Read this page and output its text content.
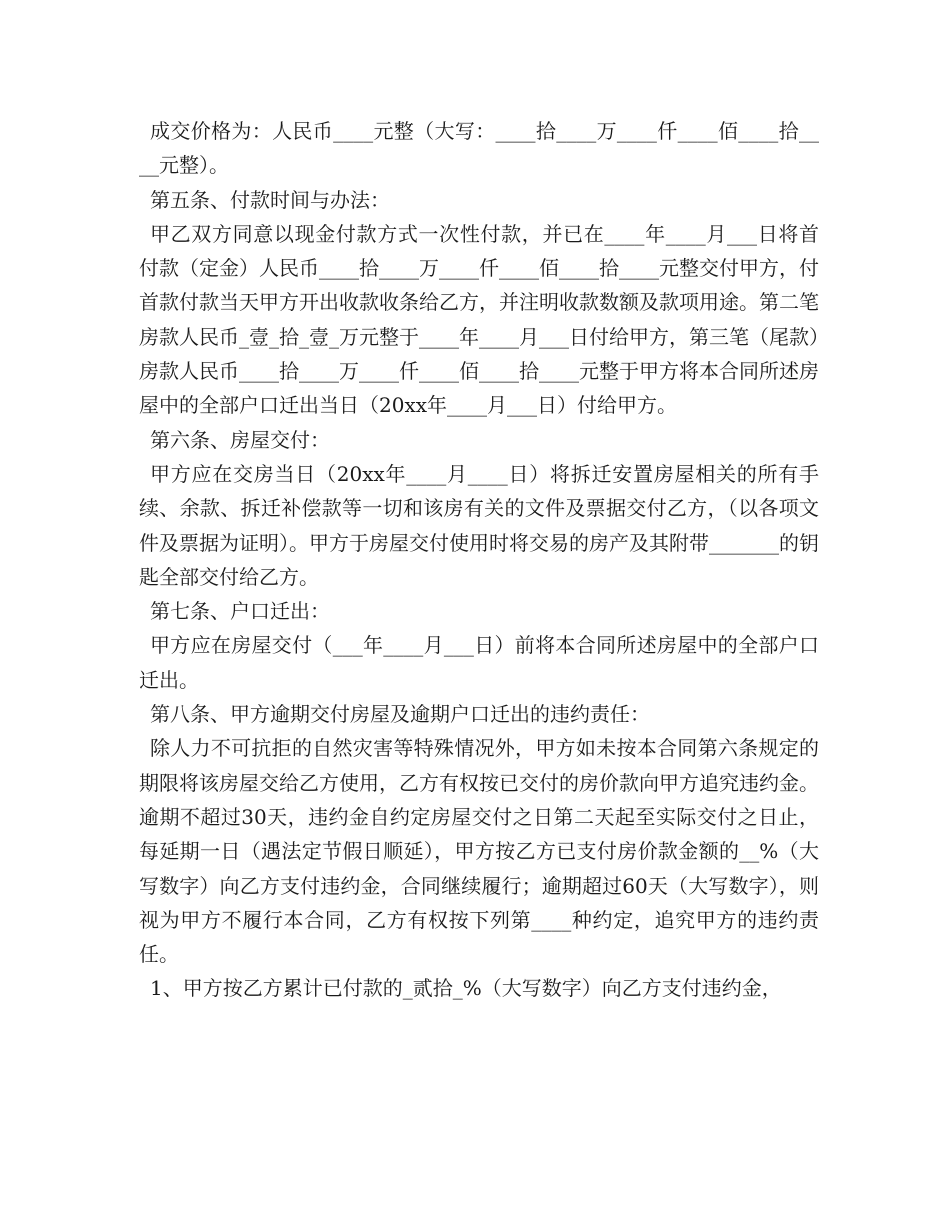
成交价格为：人民币____元整（大写：____拾____万____仟____佰____拾____元整）。

第五条、付款时间与办法：

甲乙双方同意以现金付款方式一次性付款，并已在____年____月___日将首付款（定金）人民币____拾____万____仟____佰____拾____元整交付甲方，付首款付款当天甲方开出收款收条给乙方，并注明收款数额及款项用途。第二笔房款人民币_壹_拾_壹_万元整于____年____月___日付给甲方，第三笔（尾款）房款人民币____拾____万____仟____佰____拾____元整于甲方将本合同所述房屋中的全部户口迁出当日（20xx年____月___日）付给甲方。

第六条、房屋交付：

甲方应在交房当日（20xx年____月____日）将拆迁安置房屋相关的所有手续、余款、拆迁补偿款等一切和该房有关的文件及票据交付乙方，（以各项文件及票据为证明）。甲方于房屋交付使用时将交易的房产及其附带_______的钥匙全部交付给乙方。

第七条、户口迁出：

甲方应在房屋交付（___年____月___日）前将本合同所述房屋中的全部户口迁出。

第八条、甲方逾期交付房屋及逾期户口迁出的违约责任：

除人力不可抗拒的自然灾害等特殊情况外，甲方如未按本合同第六条规定的期限将该房屋交给乙方使用，乙方有权按已交付的房价款向甲方追究违约金。逾期不超过30天，违约金自约定房屋交付之日第二天起至实际交付之日止，每延期一日（遇法定节假日顺延），甲方按乙方已支付房价款金额的__%（大写数字）向乙方支付违约金，合同继续履行；逾期超过60天（大写数字），则视为甲方不履行本合同，乙方有权按下列第____种约定，追究甲方的违约责任。

1、甲方按乙方累计已付款的_贰拾_%（大写数字）向乙方支付违约金，
